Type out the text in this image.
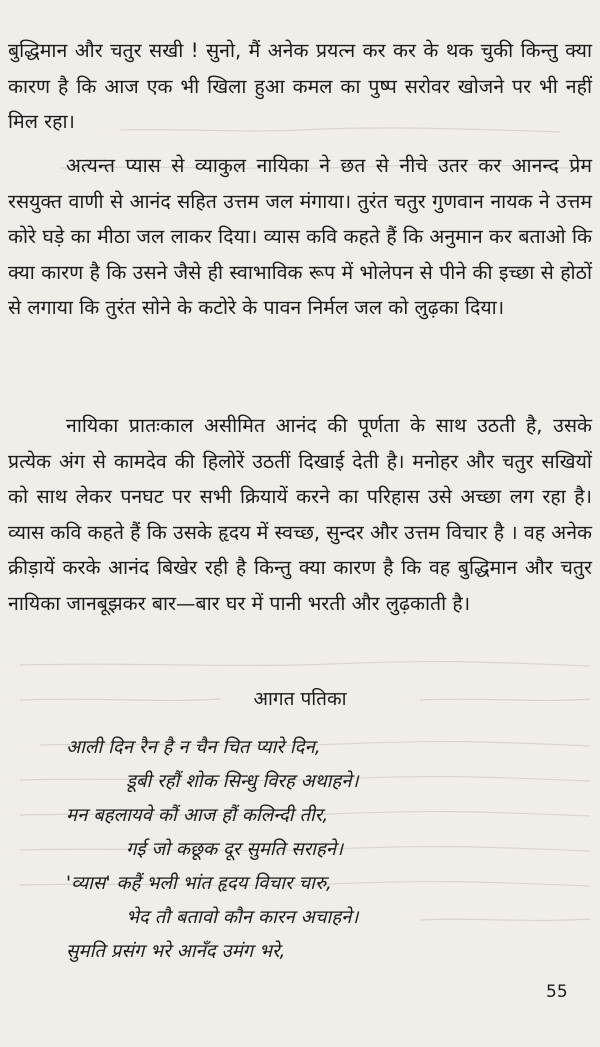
बुद्धिमान और चतुर सखी ! सुनो, मैं अनेक प्रयत्न कर कर के थक चुकी किन्तु क्या कारण है कि आज एक भी खिला हुआ कमल का पुष्प सरोवर खोजने पर भी नहीं मिल रहा।

अत्यन्त प्यास से व्याकुल नायिका ने छत से नीचे उतर कर आनन्द प्रेम रसयुक्त वाणी से आनंद सहित उत्तम जल मंगाया। तुरंत चतुर गुणवान नायक ने उत्तम कोरे घड़े का मीठा जल लाकर दिया। व्यास कवि कहते हैं कि अनुमान कर बताओ कि क्या कारण है कि उसने जैसे ही स्वाभाविक रूप में भोलेपन से पीने की इच्छा से होठों से लगाया कि तुरंत सोने के कटोरे के पावन निर्मल जल को लुढ़का दिया।

नायिका प्रातःकाल असीमित आनंद की पूर्णता के साथ उठती है, उसके प्रत्येक अंग से कामदेव की हिलोरें उठतीं दिखाई देती है। मनोहर और चतुर सखियों को साथ लेकर पनघट पर सभी क्रियायें करने का परिहास उसे अच्छा लग रहा है। व्यास कवि कहते हैं कि उसके हृदय में स्वच्छ, सुन्दर और उत्तम विचार है । वह अनेक क्रीड़ायें करके आनंद बिखेर रही है किन्तु क्या कारण है कि वह बुद्धिमान और चतुर नायिका जानबूझकर बार—बार घर में पानी भरती और लुढ़काती है।

आगत पतिका
आली दिन रैन है न चैन चित प्यारे दिन,
डूबी रहौं शोक सिन्धु विरह अथाहने।
मन बहलायवे कौं आज हौं कलिन्दी तीर,
गई जो कछूक दूर सुमति सराहने।
'व्यास' कहैं भली भांत हृदय विचार चारु,
भेद तौ बतावो कौन कारन अचाहने।
सुमति प्रसंग भरे आनँद उमंग भरे,
55
